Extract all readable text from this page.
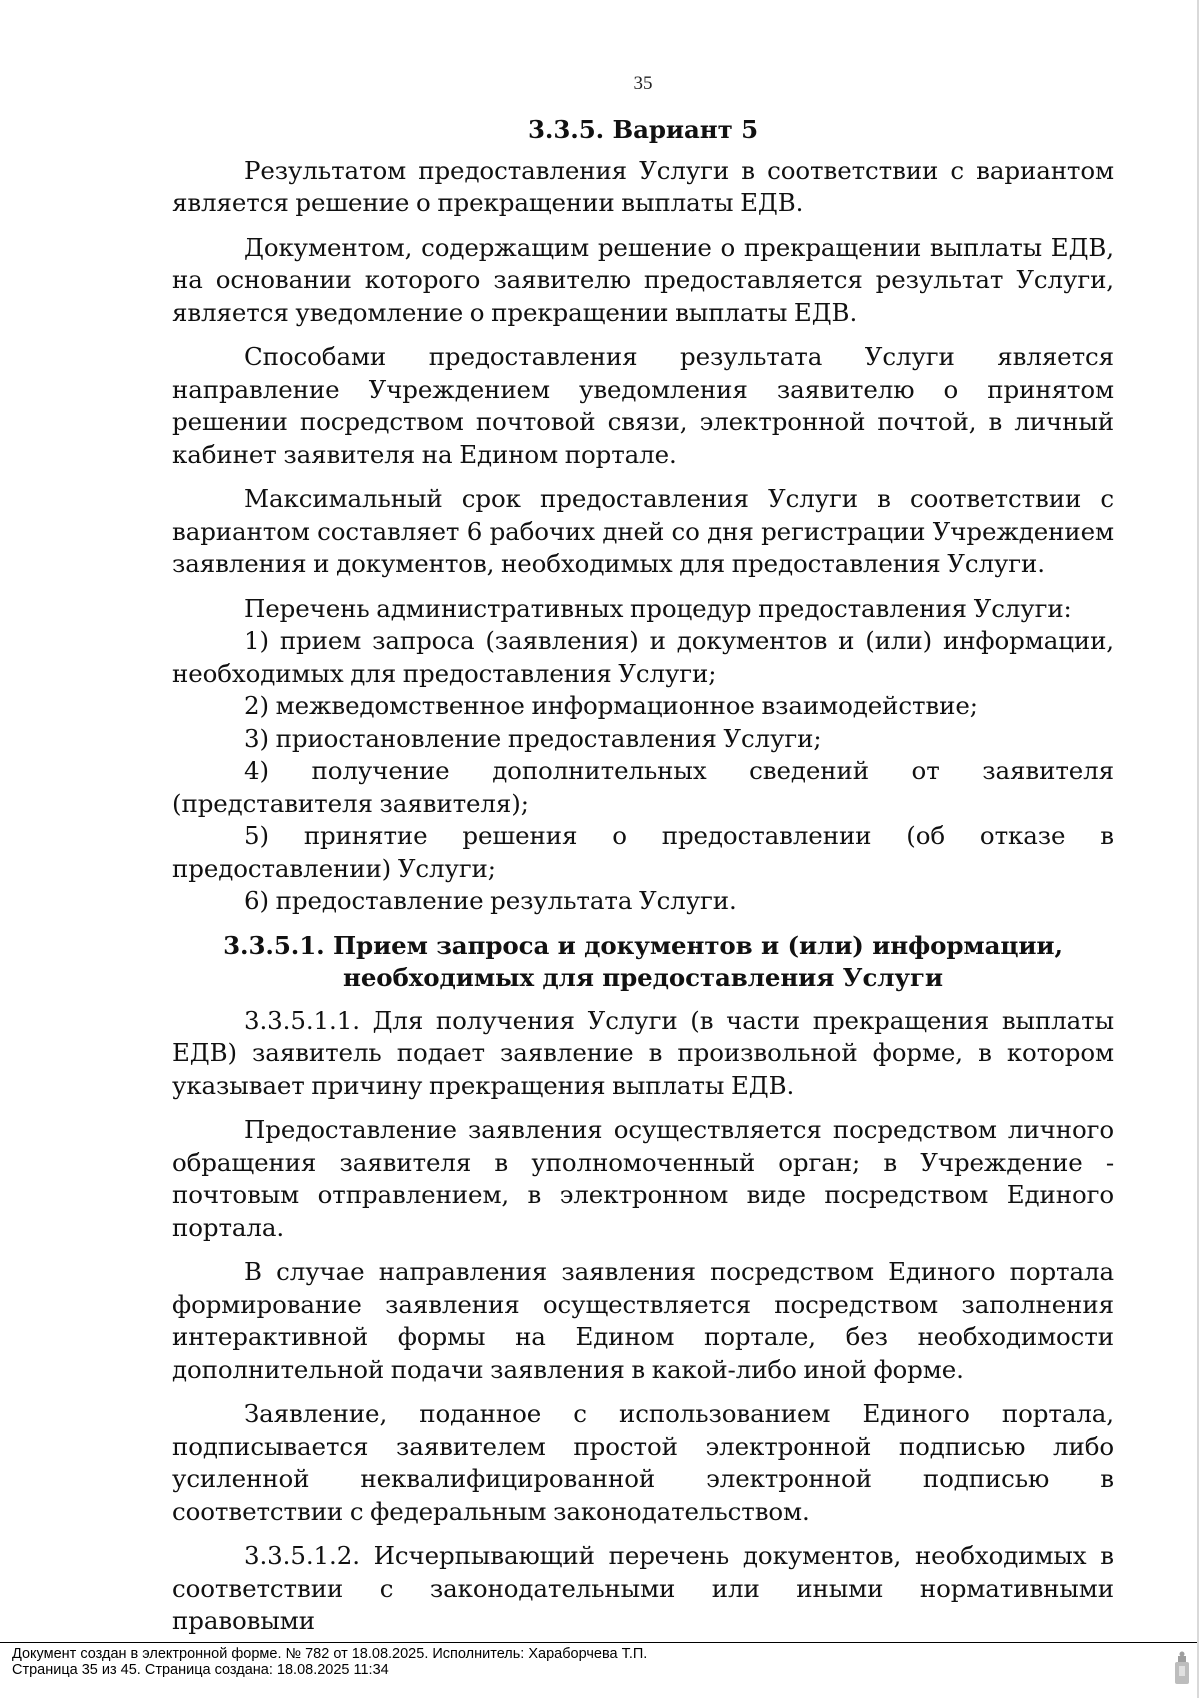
35
3.3.5. Вариант 5

Результатом предоставления Услуги в соответствии с вариантом является решение о прекращении выплаты ЕДВ.

Документом, содержащим решение о прекращении выплаты ЕДВ, на основании которого заявителю предоставляется результат Услуги, является уведомление о прекращении выплаты ЕДВ.

Способами предоставления результата Услуги является направление Учреждением уведомления заявителю о принятом решении посредством почтовой связи, электронной почтой, в личный кабинет заявителя на Едином портале.

Максимальный срок предоставления Услуги в соответствии с вариантом составляет 6 рабочих дней со дня регистрации Учреждением заявления и документов, необходимых для предоставления Услуги.

Перечень административных процедур предоставления Услуги:

1) прием запроса (заявления) и документов и (или) информации, необходимых для предоставления Услуги;

2) межведомственное информационное взаимодействие;

3) приостановление предоставления Услуги;

4) получение дополнительных сведений от заявителя (представителя заявителя);

5) принятие решения о предоставлении (об отказе в предоставлении) Услуги;

6) предоставление результата Услуги.

3.3.5.1. Прием запроса и документов и (или) информации, необходимых для предоставления Услуги

3.3.5.1.1. Для получения Услуги (в части прекращения выплаты ЕДВ) заявитель подает заявление в произвольной форме, в котором указывает причину прекращения выплаты ЕДВ.

Предоставление заявления осуществляется посредством личного обращения заявителя в уполномоченный орган; в Учреждение - почтовым отправлением, в электронном виде посредством Единого портала.

В случае направления заявления посредством Единого портала формирование заявления осуществляется посредством заполнения интерактивной формы на Едином портале, без необходимости дополнительной подачи заявления в какой-либо иной форме.

Заявление, поданное с использованием Единого портала, подписывается заявителем простой электронной подписью либо усиленной неквалифицированной электронной подписью в соответствии с федеральным законодательством.

3.3.5.1.2. Исчерпывающий перечень документов, необходимых в соответствии с законодательными или иными нормативными правовыми

Документ создан в электронной форме. № 782 от 18.08.2025. Исполнитель: Хараборчева Т.П.
Страница 35 из 45. Страница создана: 18.08.2025 11:34
